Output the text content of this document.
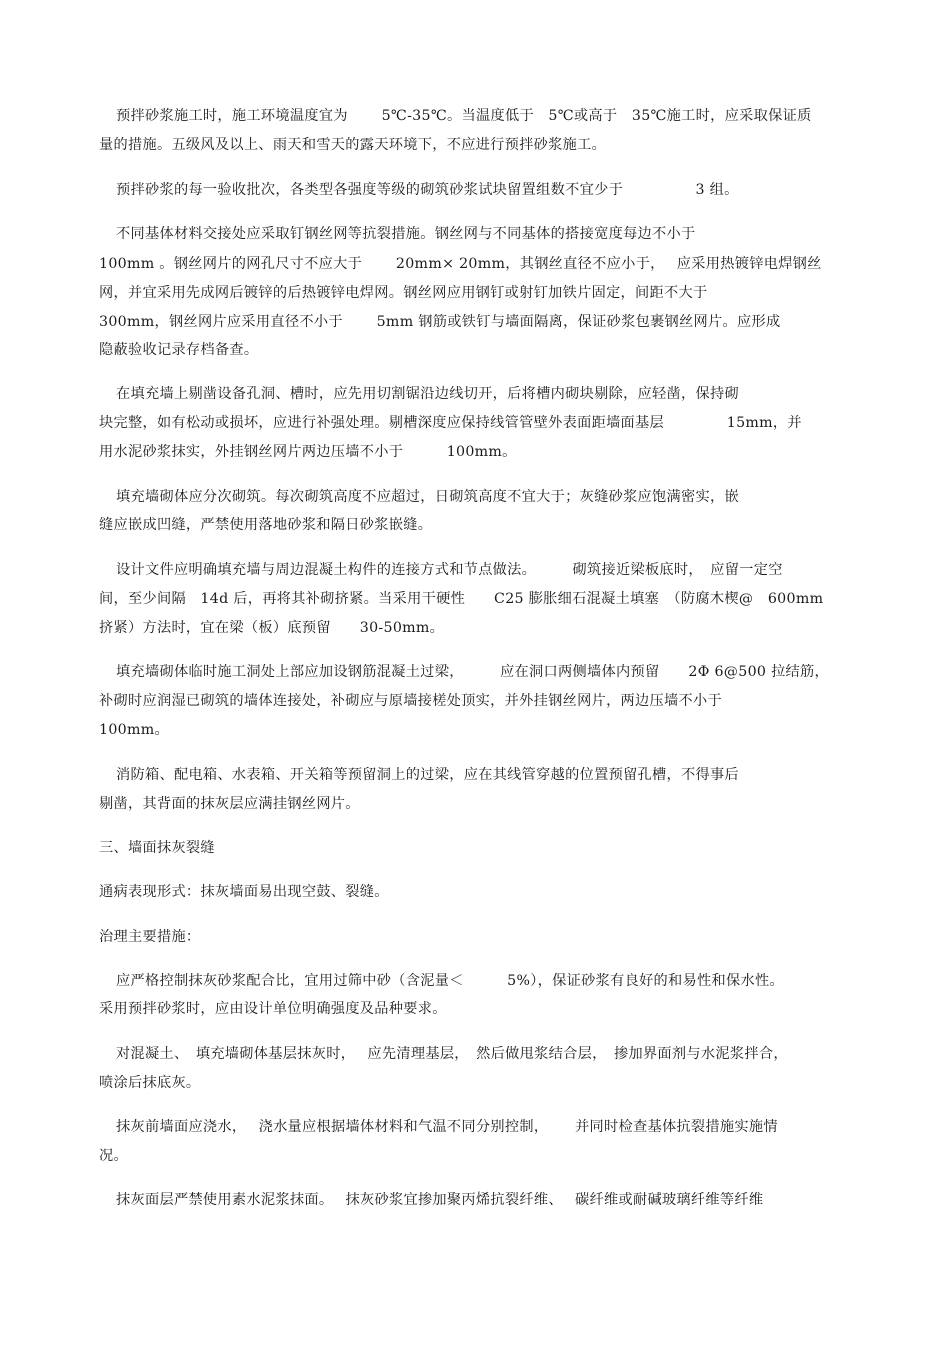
预拌砂浆施工时，施工环境温度宜为　　 5℃-35℃。当温度低于　5℃或高于　35℃施工时，应采取保证质
量的措施。五级风及以上、雨天和雪天的露天环境下，不应进行预拌砂浆施工。
预拌砂浆的每一验收批次，各类型各强度等级的砌筑砂浆试块留置组数不宜少于　　　　　3 组。
不同基体材料交接处应采取钉钢丝网等抗裂措施。钢丝网与不同基体的搭接宽度每边不小于
100mm 。钢丝网片的网孔尺寸不应大于　　 20mm× 20mm，其钢丝直径不应小于，　 应采用热镀锌电焊钢丝
网，并宜采用先成网后镀锌的后热镀锌电焊网。钢丝网应用钢钉或射钉加铁片固定，间距不大于
300mm，钢丝网片应采用直径不小于　　 5mm 钢筋或铁钉与墙面隔离，保证砂浆包裹钢丝网片。应形成
隐蔽验收记录存档备查。
在填充墙上剔凿设备孔洞、槽时，应先用切割锯沿边线切开，后将槽内砌块剔除，应轻凿，保持砌
块完整，如有松动或损坏，应进行补强处理。剔槽深度应保持线管管壁外表面距墙面基层　　　　 15mm，并
用水泥砂浆抹实，外挂钢丝网片两边压墙不小于　　　100mm。
填充墙砌体应分次砌筑。每次砌筑高度不应超过，日砌筑高度不宜大于；灰缝砂浆应饱满密实，嵌
缝应嵌成凹缝，严禁使用落地砂浆和隔日砂浆嵌缝。
设计文件应明确填充墙与周边混凝土构件的连接方式和节点做法。　　　砌筑接近梁板底时，　应留一定空
间，至少间隔　14d 后，再将其补砌挤紧。当采用干硬性　　C25 膨胀细石混凝土填塞　（防腐木楔@　600mm
挤紧）方法时，宜在梁（板）底预留　　30-50mm。
填充墙砌体临时施工洞处上部应加设钢筋混凝土过梁，　　　应在洞口两侧墙体内预留　　2Φ 6@500 拉结筋，
补砌时应润湿已砌筑的墙体连接处，补砌应与原墙接槎处顶实，并外挂钢丝网片，两边压墙不小于
100mm。
消防箱、配电箱、水表箱、开关箱等预留洞上的过梁，应在其线管穿越的位置预留孔槽，不得事后
剔凿，其背面的抹灰层应满挂钢丝网片。
三、墙面抹灰裂缝
通病表现形式：抹灰墙面易出现空鼓、裂缝。
治理主要措施：
应严格控制抹灰砂浆配合比，宜用过筛中砂（含泥量＜　　　5%），保证砂浆有良好的和易性和保水性。
采用预拌砂浆时，应由设计单位明确强度及品种要求。
对混凝土、　填充墙砌体基层抹灰时，　 应先清理基层，　然后做甩浆结合层，　掺加界面剂与水泥浆拌合，
喷涂后抹底灰。
抹灰前墙面应浇水，　 浇水量应根据墙体材料和气温不同分别控制，　　 并同时检查基体抗裂措施实施情
况。
抹灰面层严禁使用素水泥浆抹面。　 抹灰砂浆宜掺加聚丙烯抗裂纤维、　 碳纤维或耐碱玻璃纤维等纤维
